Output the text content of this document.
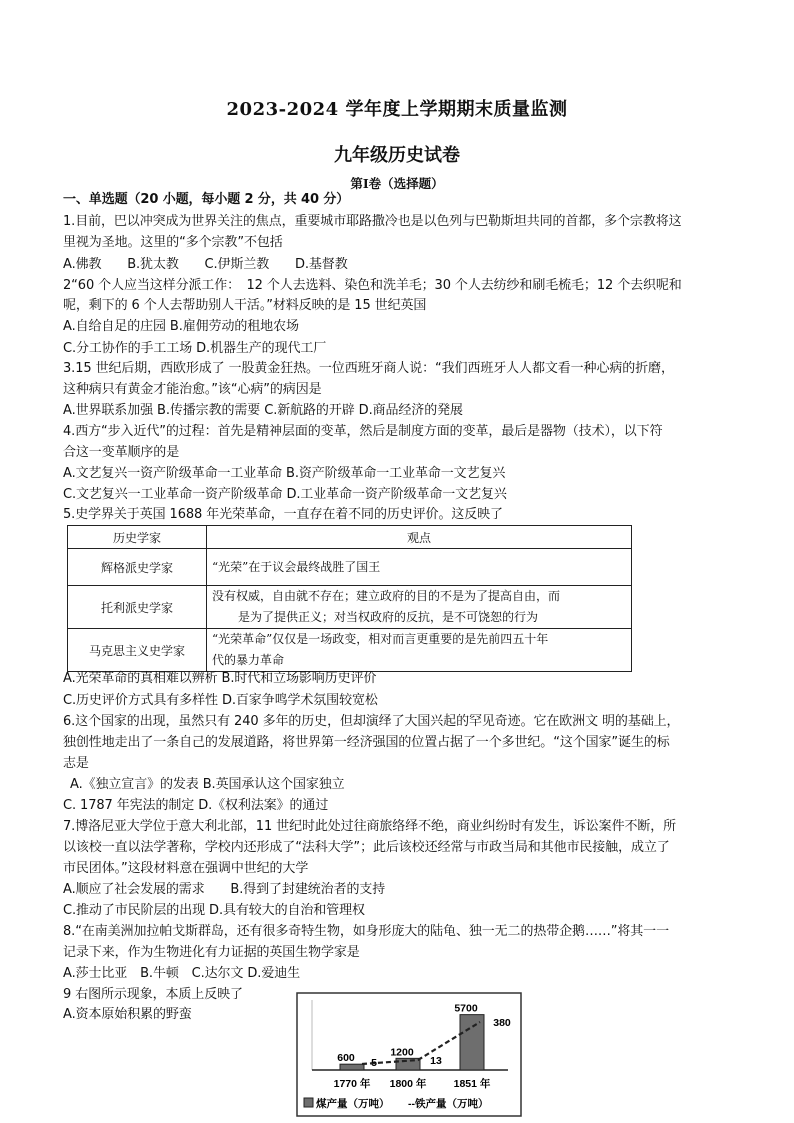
2023-2024 学年度上学期期末质量监测
九年级历史试卷
第Ⅰ卷（选择题）
一、单选题（20 小题，每小题 2 分，共 40 分）
1.目前，巴以冲突成为世界关注的焦点，重要城市耶路撒冷也是以色列与巴勒斯坦共同的首都，多个宗教将这
里视为圣地。这里的“多个宗教”不包括
A.佛教　　B.犹太教　　C.伊斯兰教　　D.基督教
2“60 个人应当这样分派工作：　12 个人去选料、染色和洗羊毛；30 个人去纺纱和刷毛梳毛；12 个去织呢和
呢，剩下的 6 个人去帮助别人干活。”材料反映的是 15 世纪英国
A.自给自足的庄园 B.雇佣劳动的租地农场
C.分工协作的手工工场 D.机器生产的现代工厂
3.15 世纪后期，西欧形成了 一股黄金狂热。一位西班牙商人说：“我们西班牙人人都文看一种心病的折磨，
这种病只有黄金才能治愈。”该“心病”的病因是
A.世界联系加强 B.传播宗教的需要 C.新航路的开辟 D.商品经济的発展
4.西方“步入近代”的过程：首先是精神层面的变革，然后是制度方面的变革，最后是器物（技术），以下符
合这一变革顺序的是
A.文艺复兴一资产阶级革命一工业革命 B.资产阶级革命一工业革命一文艺复兴
C.文艺复兴一工业革命一资产阶级革命 D.工业革命一资产阶级革命一文艺复兴
5.史学界关于英国 1688 年光荣革命，一直存在着不同的历史评价。这反映了
历史学家	观点
辉格派史学家	“光荣”在于议会最终战胜了国王

托利派史学家	没有权威，自由就不存在；建立政府的目的不是为了提高自由，而
是为了提供正义；对当权政府的反抗，是不可饶恕的行为

马克思主义史学家	“光荣革命”仅仅是一场政变，相对而言更重要的是先前四五十年
代的暴力革命
A.光荣革命的真相难以辨析 B.时代和立场影响历史评价
C.历史评价方式具有多样性 D.百家争鸣学术氛围较宽松
6.这个国家的出现，虽然只有 240 多年的历史，但却演绎了大国兴起的罕见奇迹。它在欧洲文 明的基础上，
独创性地走出了一条自己的发展道路，将世界第一经济强国的位置占据了一个多世纪。“这个国家”诞生的标
志是
A.《独立宣言》的发表 B.英国承认这个国家独立
C. 1787 年宪法的制定 D.《权利法案》的通过
7.博洛尼亚大学位于意大利北部，11 世纪时此处过往商旅络绎不绝，商业纠纷时有发生，诉讼案件不断，所
以该校一直以法学著称，学校内还形成了“法科大学”；此后该校还经常与市政当局和其他市民接触，成立了
市民团体。”这段材料意在强调中世纪的大学
A.顺应了社会发展的需求　　B.得到了封建统治者的支持
C.推动了市民阶层的出现 D.具有较大的自治和管理权
8.“在南美洲加拉帕戈斯群岛，还有很多奇特生物，如身形庞大的陆龟、独一无二的热带企鹅……”将其一一
记录下来，作为生物进化有力证据的英国生物学家是
A.莎士比亚　B.牛顿　C.达尔文 D.爱迪生
9 右图所示现象，本质上反映了
A.资本原始积累的野蛮
600
1770 年
1200
1800 年
5700
1851 年
5	13
380
煤产量（万吨） --铁产量（万吨）
